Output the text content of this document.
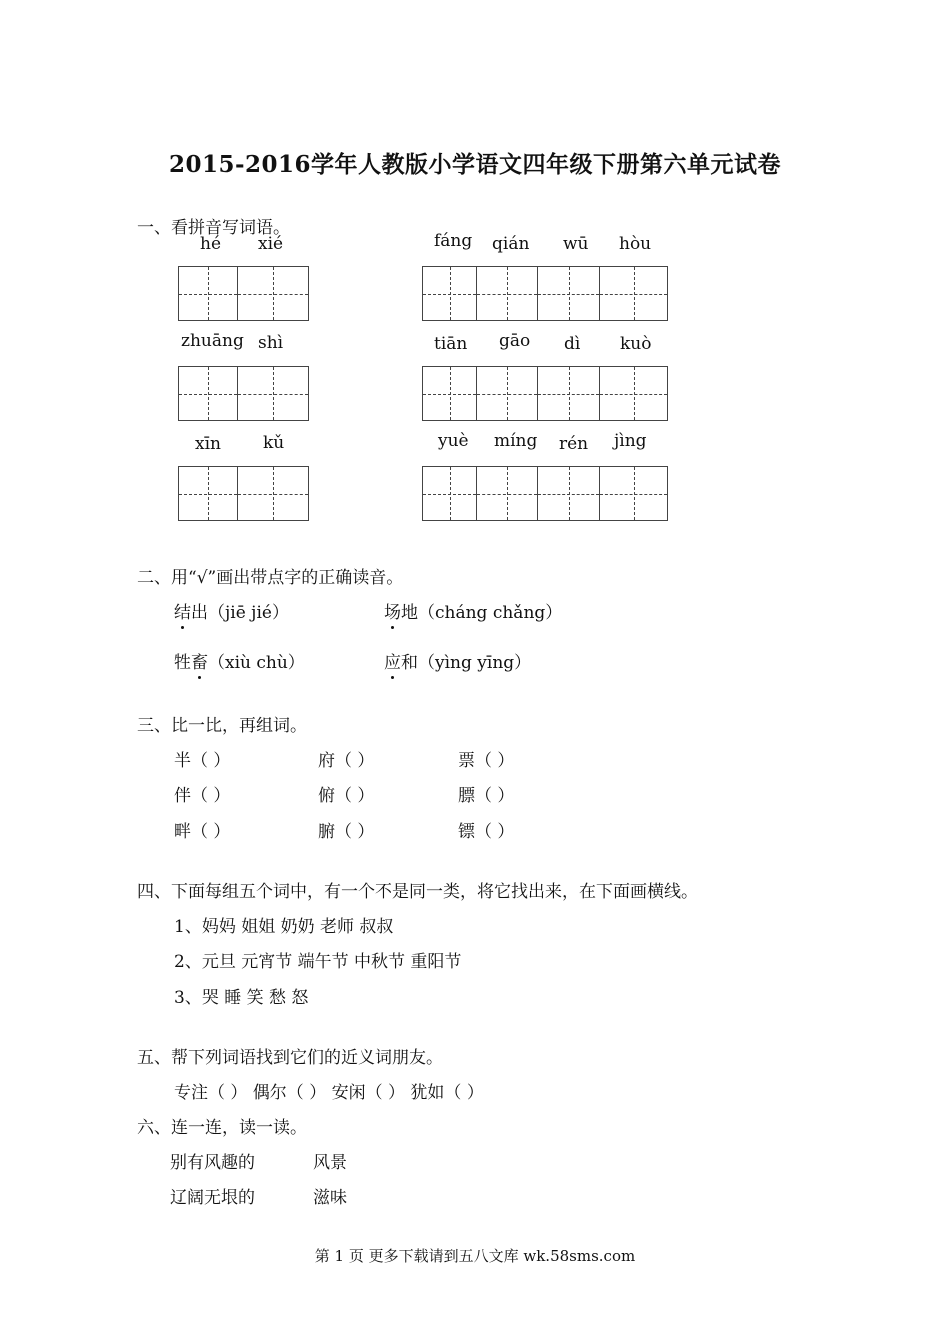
2015-2016学年人教版小学语文四年级下册第六单元试卷
一、看拼音写词语。
hé xié	fáng qián wū hòu
zhuāng shì	tiān gāo dì kuò
xīn kǔ	yuè míng rén jìng
二、用“√”画出带点字的正确读音。
结出（jiē jié）	场地（cháng chǎng）
牲畜（xiù chù）	应和（yìng yīng）
三、比一比，再组词。
半（ ）	府（ ）	票（ ）
伴（ ）	俯（ ）	膘（ ）
畔（ ）	腑（ ）	镖（ ）
四、下面每组五个词中，有一个不是同一类，将它找出来，在下面画横线。
1、妈妈 姐姐 奶奶 老师 叔叔
2、元旦 元宵节 端午节 中秋节 重阳节
3、哭 睡 笑 愁 怒
五、帮下列词语找到它们的近义词朋友。
专注（ ） 偶尔（ ） 安闲（ ） 犹如（ ）
六、连一连，读一读。
别有风趣的	风景
辽阔无垠的	滋味
第 1 页 更多下载请到五八文库 wk.58sms.com
